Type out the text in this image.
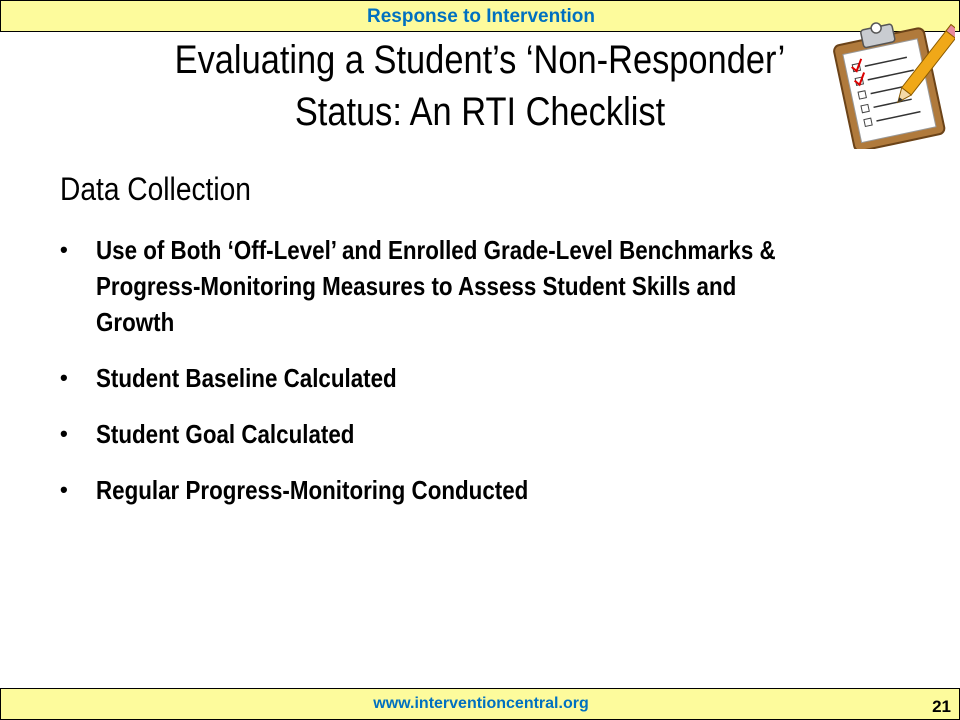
Response to Intervention
Evaluating a Student’s ‘Non-Responder’
Status: An RTI Checklist
Data Collection
• Use of Both ‘Off-Level’ and Enrolled Grade-Level Benchmarks & Progress-Monitoring Measures to Assess Student Skills and Growth
• Student Baseline Calculated
• Student Goal Calculated
• Regular Progress-Monitoring Conducted
www.interventioncentral.org	21
